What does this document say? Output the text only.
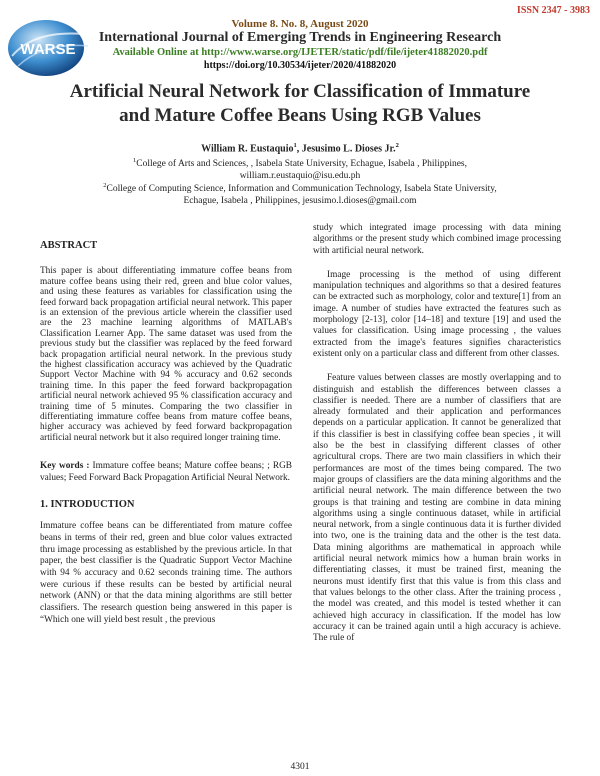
ISSN 2347 - 3983
WARSE
Volume 8. No. 8, August 2020
International Journal of Emerging Trends in Engineering Research
Available Online at http://www.warse.org/IJETER/static/pdf/file/ijeter41882020.pdf
https://doi.org/10.30534/ijeter/2020/41882020
Artificial Neural Network for Classification of Immature
and Mature Coffee Beans Using RGB Values
William R. Eustaquio$^1$, Jesusimo L. Dioses Jr.$^2$
$^1$College of Arts and Sciences, , Isabela State University, Echague, Isabela , Philippines,
william.r.eustaquio@isu.edu.ph
$^2$College of Computing Science, Information and Communication Technology, Isabela State University,
Echague, Isabela , Philippines, jesusimo.l.dioses@gmail.com
ABSTRACT

This paper is about differentiating immature coffee beans from mature coffee beans using their red, green and blue color values, and using these features as variables for classification using the feed forward back propagation artificial neural network. This paper is an extension of the previous article wherein the classifier used are the 23 machine learning algorithms of MATLAB's Classification Learner App. The same dataset was used from the previous study but the classifier was replaced by the feed forward back propagation artificial neural network. In the previous study the highest classification accuracy was achieved by the Quadratic Support Vector Machine with 94 % accuracy and 0.62 seconds training time. In this paper the feed forward backpropagation artificial neural network achieved 95 % classification accuracy and training time of 5 minutes. Comparing the two classifier in differentiating immature coffee beans from mature coffee beans, higher accuracy was achieved by feed forward backpropagation artificial neural network but it also required longer training time.

Key words : Immature coffee beans; Mature coffee beans; ; RGB values; Feed Forward Back Propagation Artificial Neural Network.

1. INTRODUCTION

Immature coffee beans can be differentiated from mature coffee beans in terms of their red, green and blue color values extracted thru image processing as established by the previous article. In that paper, the best classifier is the Quadratic Support Vector Machine with 94 % accuracy and 0.62 seconds training time. The authors were curious if these results can be bested by artificial neural network (ANN) or that the data mining algorithms are still better classifiers. The research question being answered in this paper is “Which one will yield best result , the previous

study which integrated image processing with data mining algorithms or the present study which combined image processing with artificial neural network.

Image processing is the method of using different manipulation techniques and algorithms so that a desired features can be extracted such as morphology, color and texture[1] from an image. A number of studies have extracted the features such as morphology [2-13], color [14–18] and texture [19] and used the values for classification. Using image processing , the values extracted from the image's features signifies characteristics existent only on a particular class and different from other classes.

Feature values between classes are mostly overlapping and to distinguish and establish the differences between classes a classifier is needed. There are a number of classifiers that are already formulated and their application and performances depends on a particular application. It cannot be generalized that if this classifier is best in classifying coffee bean species , it will also be the best in classifying different classes of other agricultural crops. There are two main classifiers in which their performances are most of the times being compared. The two major groups of classifiers are the data mining algorithms and the artificial neural network. The main difference between the two groups is that training and testing are combine in data mining algorithms using a single continuous dataset, while in artificial neural network, from a single continuous data it is further divided into two, one is the training data and the other is the test data. Data mining algorithms are mathematical in approach while artificial neural network mimics how a human brain works in differentiating classes, it must be trained first, meaning the neurons must identify first that this value is from this class and that values belongs to the other class. After the training process , the model was created, and this model is tested whether it can achieved high accuracy in classification. If the model has low accuracy it can be trained again until a high accuracy is achieve. The rule of

4301
